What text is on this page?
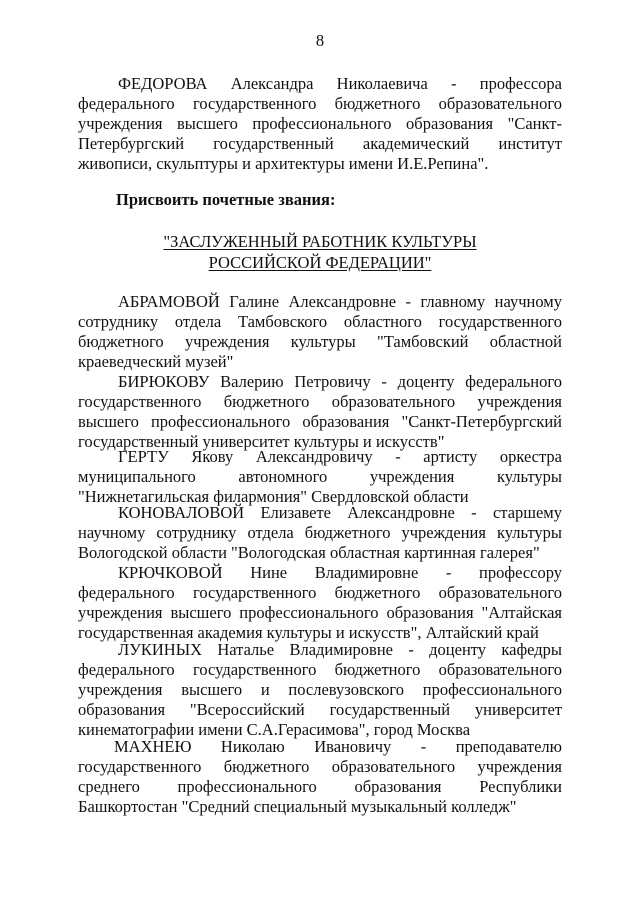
8
ФЕДОРОВА Александра Николаевича - профессора федерального государственного бюджетного образовательного учреждения высшего профессионального образования "Санкт-Петербургский государственный академический институт живописи, скульптуры и архитектуры имени И.Е.Репина".
Присвоить почетные звания:
"ЗАСЛУЖЕННЫЙ РАБОТНИК КУЛЬТУРЫ
РОССИЙСКОЙ ФЕДЕРАЦИИ"
АБРАМОВОЙ Галине Александровне - главному научному сотруднику отдела Тамбовского областного государственного бюджетного учреждения культуры "Тамбовский областной краеведческий музей"
БИРЮКОВУ Валерию Петровичу - доценту федерального государственного бюджетного образовательного учреждения высшего профессионального образования "Санкт-Петербургский государственный университет культуры и искусств"
ГЕРТУ Якову Александровичу - артисту оркестра муниципального автономного учреждения культуры "Нижнетагильская филармония" Свердловской области
КОНОВАЛОВОЙ Елизавете Александровне - старшему научному сотруднику отдела бюджетного учреждения культуры Вологодской области "Вологодская областная картинная галерея"
КРЮЧКОВОЙ Нине Владимировне - профессору федерального государственного бюджетного образовательного учреждения высшего профессионального образования "Алтайская государственная академия культуры и искусств", Алтайский край
ЛУКИНЫХ Наталье Владимировне - доценту кафедры федерального государственного бюджетного образовательного учреждения высшего и послевузовского профессионального образования "Всероссийский государственный университет кинематографии имени С.А.Герасимова", город Москва
МАХНЕЮ Николаю Ивановичу - преподавателю государственного бюджетного образовательного учреждения среднего профессионального образования Республики Башкортостан "Средний специальный музыкальный колледж"
